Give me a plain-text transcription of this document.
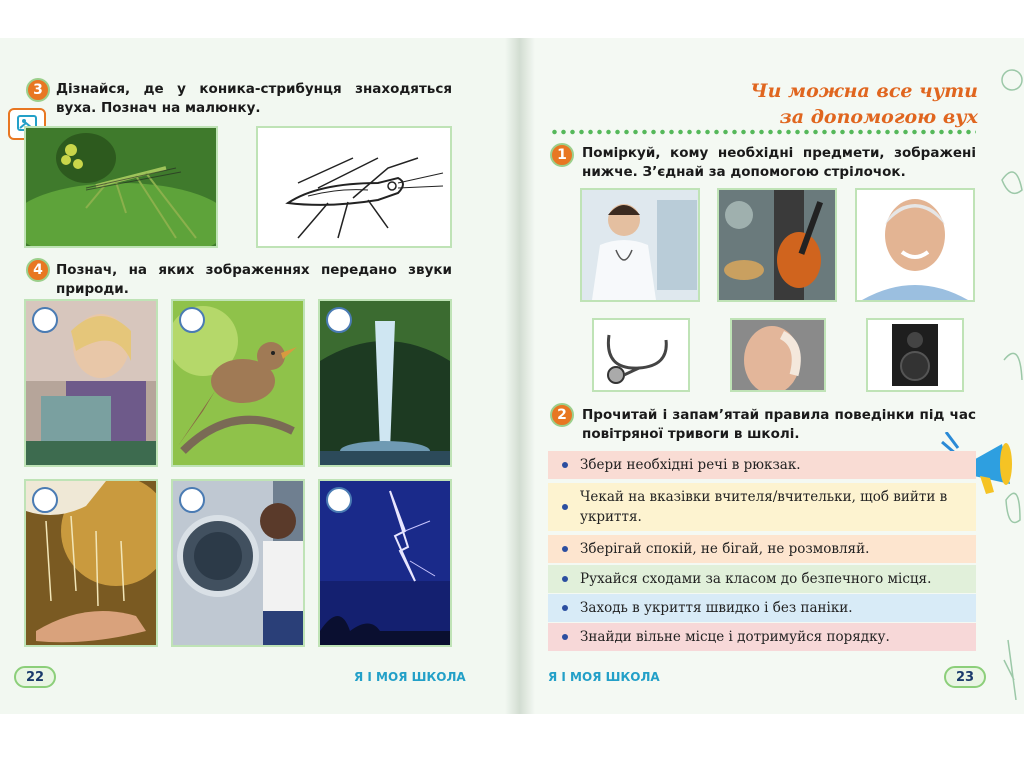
3 Дізнайся, де у коника-стрибунця знаходяться вуха. Познач на малюнку.
4 Познач, на яких зображеннях передано звуки природи.
22	Я І МОЯ ШКОЛА
Чи можна все чути
за допомогою вух
1	Поміркуй, кому необхідні предмети, зображені нижче. З’єднай за допомогою стрілочок.
2	Прочитай і запам’ятай правила поведінки під час повітряної тривоги в школі.
Збери необхідні речі в рюкзак.
Чекай на вказівки вчителя/вчительки, щоб вийти в укриття.
Зберігай спокій, не бігай, не розмовляй.
Рухайся сходами за класом до безпечного місця.
Заходь в укриття швидко і без паніки.
Знайди вільне місце і дотримуйся порядку.
Я І МОЯ ШКОЛА	23
